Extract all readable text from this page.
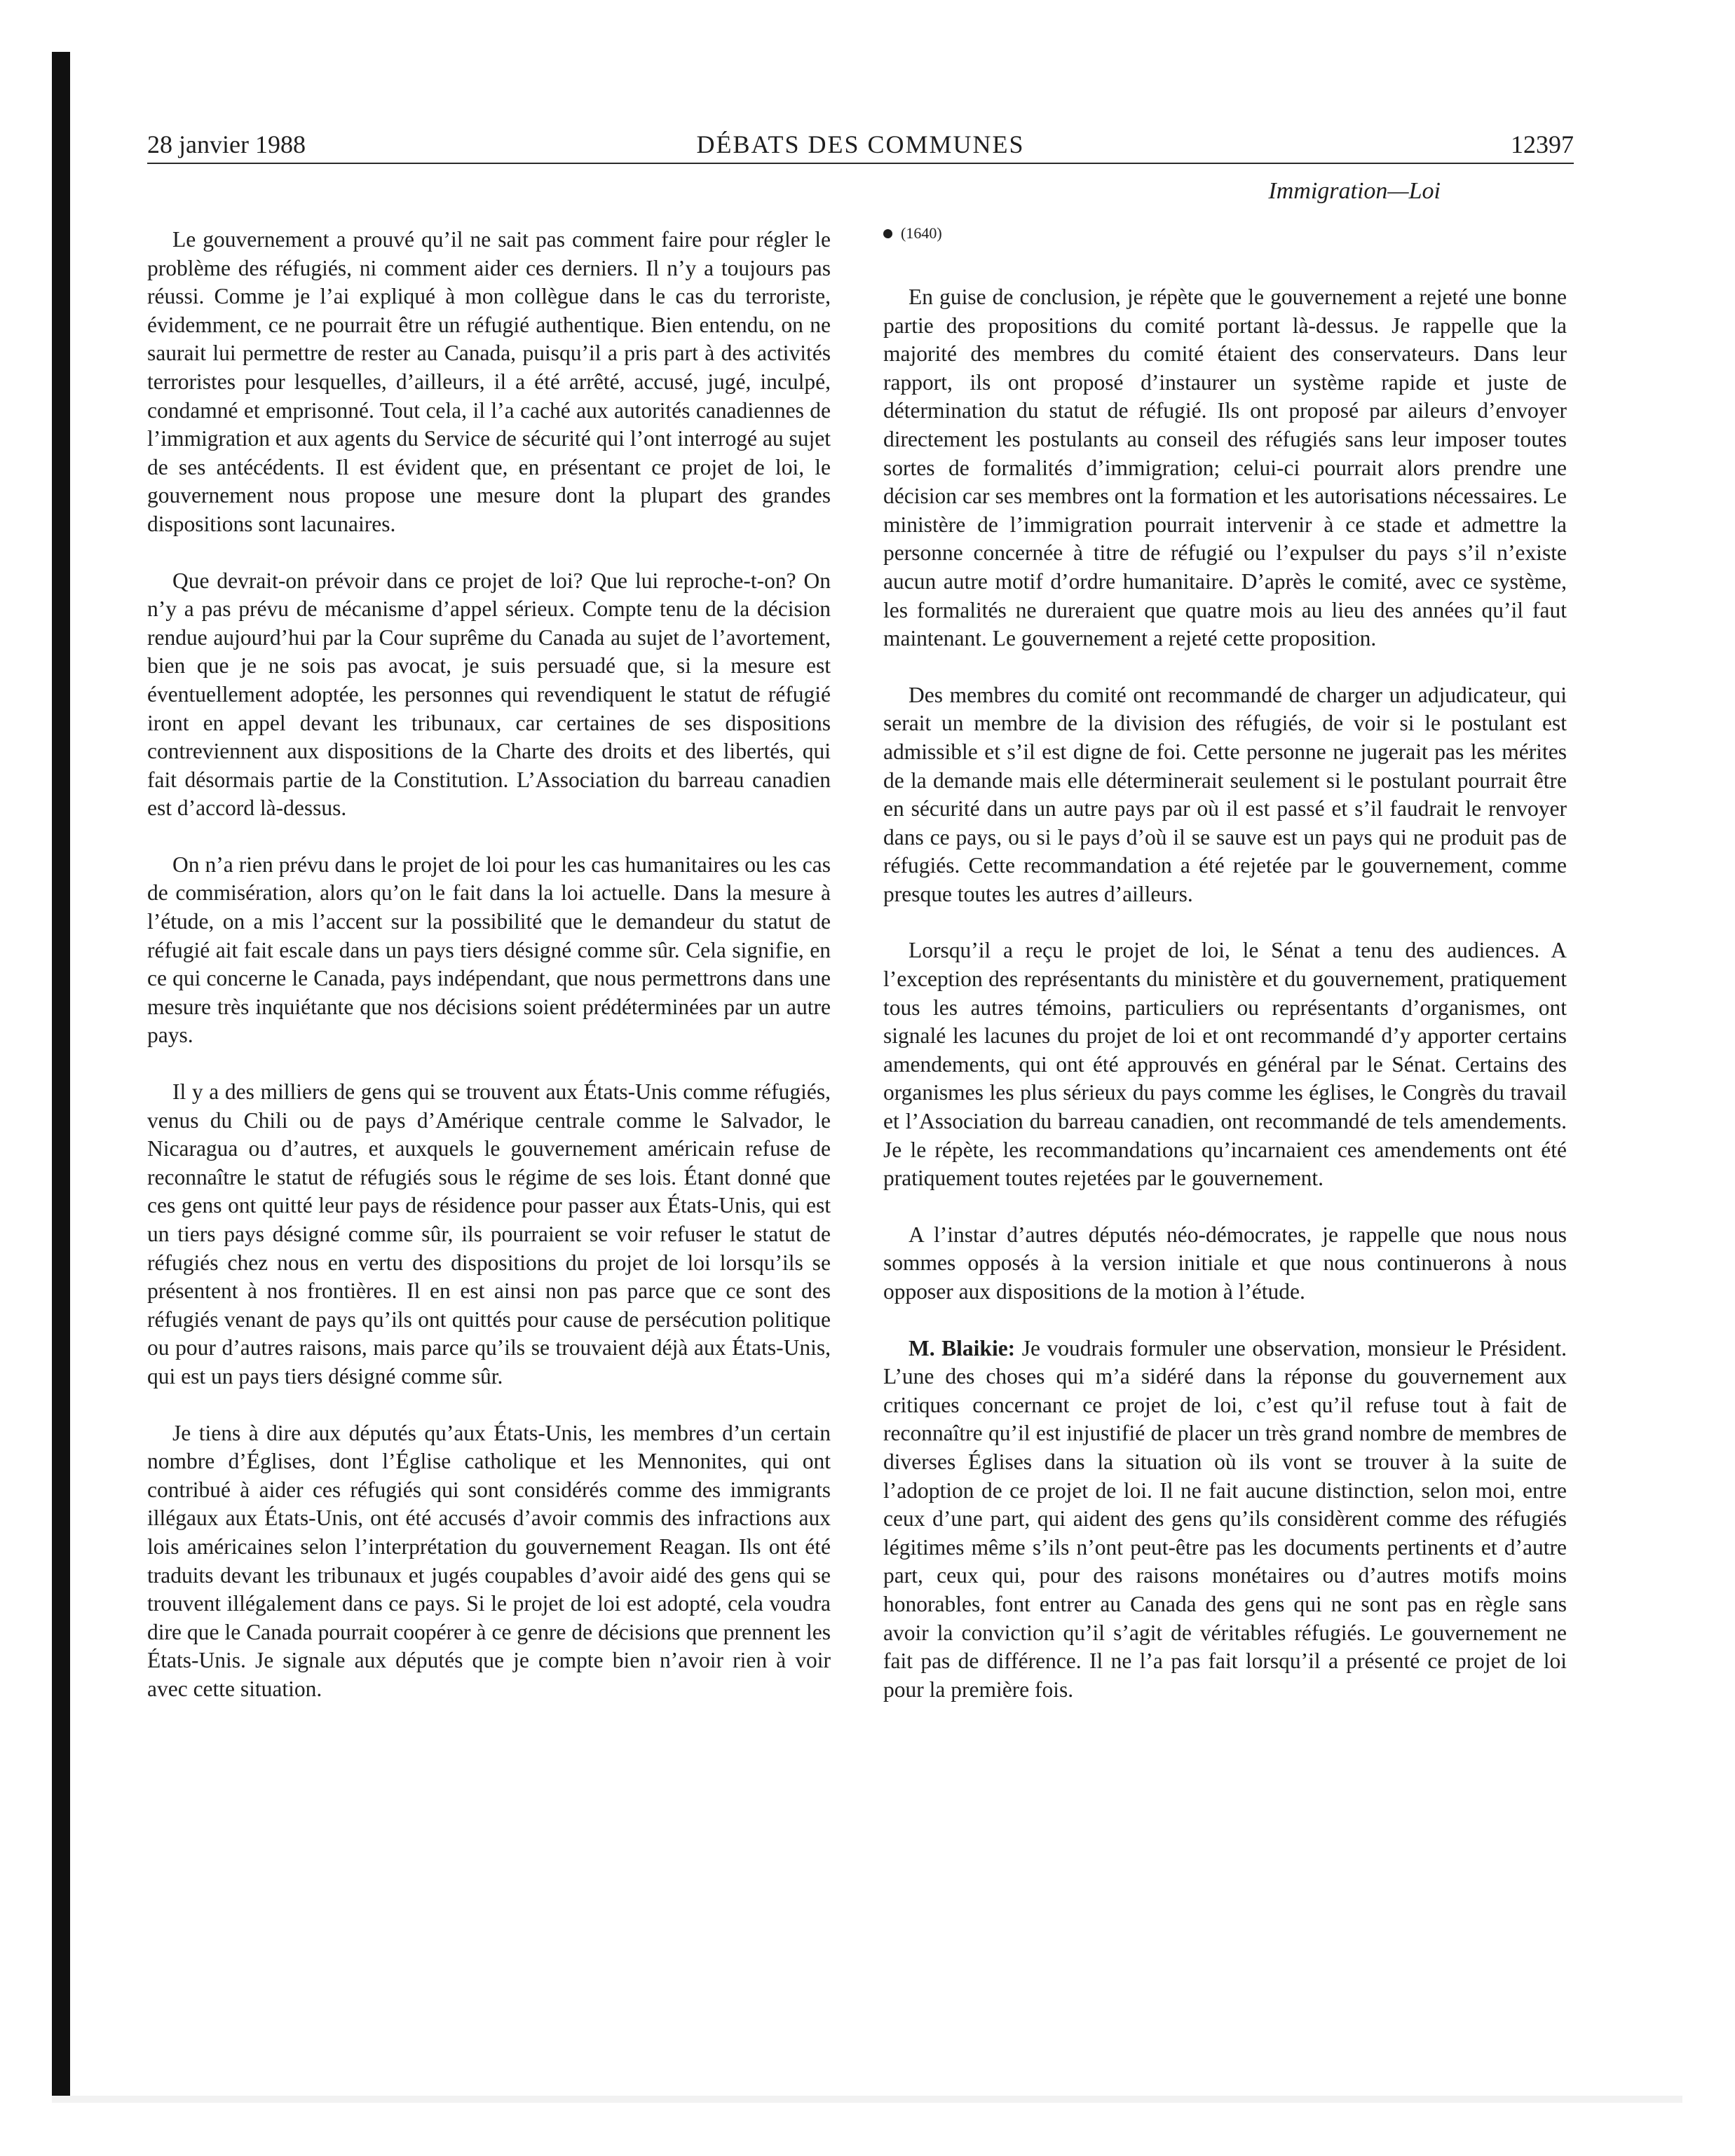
28 janvier 1988	DÉBATS DES COMMUNES	12397

Le gouvernement a prouvé qu’il ne sait pas comment faire pour régler le problème des réfugiés, ni comment aider ces derniers. Il n’y a toujours pas réussi. Comme je l’ai expliqué à mon collègue dans le cas du terroriste, évidemment, ce ne pourrait être un réfugié authentique. Bien entendu, on ne saurait lui permettre de rester au Canada, puisqu’il a pris part à des activités terroristes pour lesquelles, d’ailleurs, il a été arrêté, accusé, jugé, inculpé, condamné et emprisonné. Tout cela, il l’a caché aux autorités canadiennes de l’immigration et aux agents du Service de sécurité qui l’ont interrogé au sujet de ses antécédents. Il est évident que, en présentant ce projet de loi, le gouvernement nous propose une mesure dont la plupart des grandes dispositions sont lacunaires.

Que devrait-on prévoir dans ce projet de loi? Que lui reproche-t-on? On n’y a pas prévu de mécanisme d’appel sérieux. Compte tenu de la décision rendue aujourd’hui par la Cour suprême du Canada au sujet de l’avortement, bien que je ne sois pas avocat, je suis persuadé que, si la mesure est éventuellement adoptée, les personnes qui revendiquent le statut de réfugié iront en appel devant les tribunaux, car certaines de ses dispositions contreviennent aux dispositions de la Charte des droits et des libertés, qui fait désormais partie de la Constitution. L’Association du barreau canadien est d’accord là-dessus.

On n’a rien prévu dans le projet de loi pour les cas humanitaires ou les cas de commisération, alors qu’on le fait dans la loi actuelle. Dans la mesure à l’étude, on a mis l’accent sur la possibilité que le demandeur du statut de réfugié ait fait escale dans un pays tiers désigné comme sûr. Cela signifie, en ce qui concerne le Canada, pays indépendant, que nous permettrons dans une mesure très inquiétante que nos décisions soient prédéterminées par un autre pays.

Il y a des milliers de gens qui se trouvent aux États-Unis comme réfugiés, venus du Chili ou de pays d’Amérique centrale comme le Salvador, le Nicaragua ou d’autres, et auxquels le gouvernement américain refuse de reconnaître le statut de réfugiés sous le régime de ses lois. Étant donné que ces gens ont quitté leur pays de résidence pour passer aux États-Unis, qui est un tiers pays désigné comme sûr, ils pourraient se voir refuser le statut de réfugiés chez nous en vertu des dispositions du projet de loi lorsqu’ils se présentent à nos frontières. Il en est ainsi non pas parce que ce sont des réfugiés venant de pays qu’ils ont quittés pour cause de persécution politique ou pour d’autres raisons, mais parce qu’ils se trouvaient déjà aux États-Unis, qui est un pays tiers désigné comme sûr.

Je tiens à dire aux députés qu’aux États-Unis, les membres d’un certain nombre d’Églises, dont l’Église catholique et les Mennonites, qui ont contribué à aider ces réfugiés qui sont considérés comme des immigrants illégaux aux États-Unis, ont été accusés d’avoir commis des infractions aux lois américaines selon l’interprétation du gouvernement Reagan. Ils ont été traduits devant les tribunaux et jugés coupables d’avoir aidé des gens qui se trouvent illégalement dans ce pays. Si le projet de loi est adopté, cela voudra dire que le Canada pourrait coopérer à ce genre de décisions que prennent les États-Unis. Je signale aux députés que je compte bien n’avoir rien à voir avec cette situation.

Immigration—Loi
(1640)

En guise de conclusion, je répète que le gouvernement a rejeté une bonne partie des propositions du comité portant là-dessus. Je rappelle que la majorité des membres du comité étaient des conservateurs. Dans leur rapport, ils ont proposé d’instaurer un système rapide et juste de détermination du statut de réfugié. Ils ont proposé par aileurs d’envoyer directement les postulants au conseil des réfugiés sans leur imposer toutes sortes de formalités d’immigration; celui-ci pourrait alors prendre une décision car ses membres ont la formation et les autorisations nécessaires. Le ministère de l’immigration pourrait intervenir à ce stade et admettre la personne concernée à titre de réfugié ou l’expulser du pays s’il n’existe aucun autre motif d’ordre humanitaire. D’après le comité, avec ce système, les formalités ne dureraient que quatre mois au lieu des années qu’il faut maintenant. Le gouvernement a rejeté cette proposition.

Des membres du comité ont recommandé de charger un adjudicateur, qui serait un membre de la division des réfugiés, de voir si le postulant est admissible et s’il est digne de foi. Cette personne ne jugerait pas les mérites de la demande mais elle déterminerait seulement si le postulant pourrait être en sécurité dans un autre pays par où il est passé et s’il faudrait le renvoyer dans ce pays, ou si le pays d’où il se sauve est un pays qui ne produit pas de réfugiés. Cette recommandation a été rejetée par le gouvernement, comme presque toutes les autres d’ailleurs.

Lorsqu’il a reçu le projet de loi, le Sénat a tenu des audiences. A l’exception des représentants du ministère et du gouvernement, pratiquement tous les autres témoins, particuliers ou représentants d’organismes, ont signalé les lacunes du projet de loi et ont recommandé d’y apporter certains amendements, qui ont été approuvés en général par le Sénat. Certains des organismes les plus sérieux du pays comme les églises, le Congrès du travail et l’Association du barreau canadien, ont recommandé de tels amendements. Je le répète, les recommandations qu’incarnaient ces amendements ont été pratiquement toutes rejetées par le gouvernement.

A l’instar d’autres députés néo-démocrates, je rappelle que nous nous sommes opposés à la version initiale et que nous continuerons à nous opposer aux dispositions de la motion à l’étude.

M. Blaikie: Je voudrais formuler une observation, monsieur le Président. L’une des choses qui m’a sidéré dans la réponse du gouvernement aux critiques concernant ce projet de loi, c’est qu’il refuse tout à fait de reconnaître qu’il est injustifié de placer un très grand nombre de membres de diverses Églises dans la situation où ils vont se trouver à la suite de l’adoption de ce projet de loi. Il ne fait aucune distinction, selon moi, entre ceux d’une part, qui aident des gens qu’ils considèrent comme des réfugiés légitimes même s’ils n’ont peut-être pas les documents pertinents et d’autre part, ceux qui, pour des raisons monétaires ou d’autres motifs moins honorables, font entrer au Canada des gens qui ne sont pas en règle sans avoir la conviction qu’il s’agit de véritables réfugiés. Le gouvernement ne fait pas de différence. Il ne l’a pas fait lorsqu’il a présenté ce projet de loi pour la première fois.
